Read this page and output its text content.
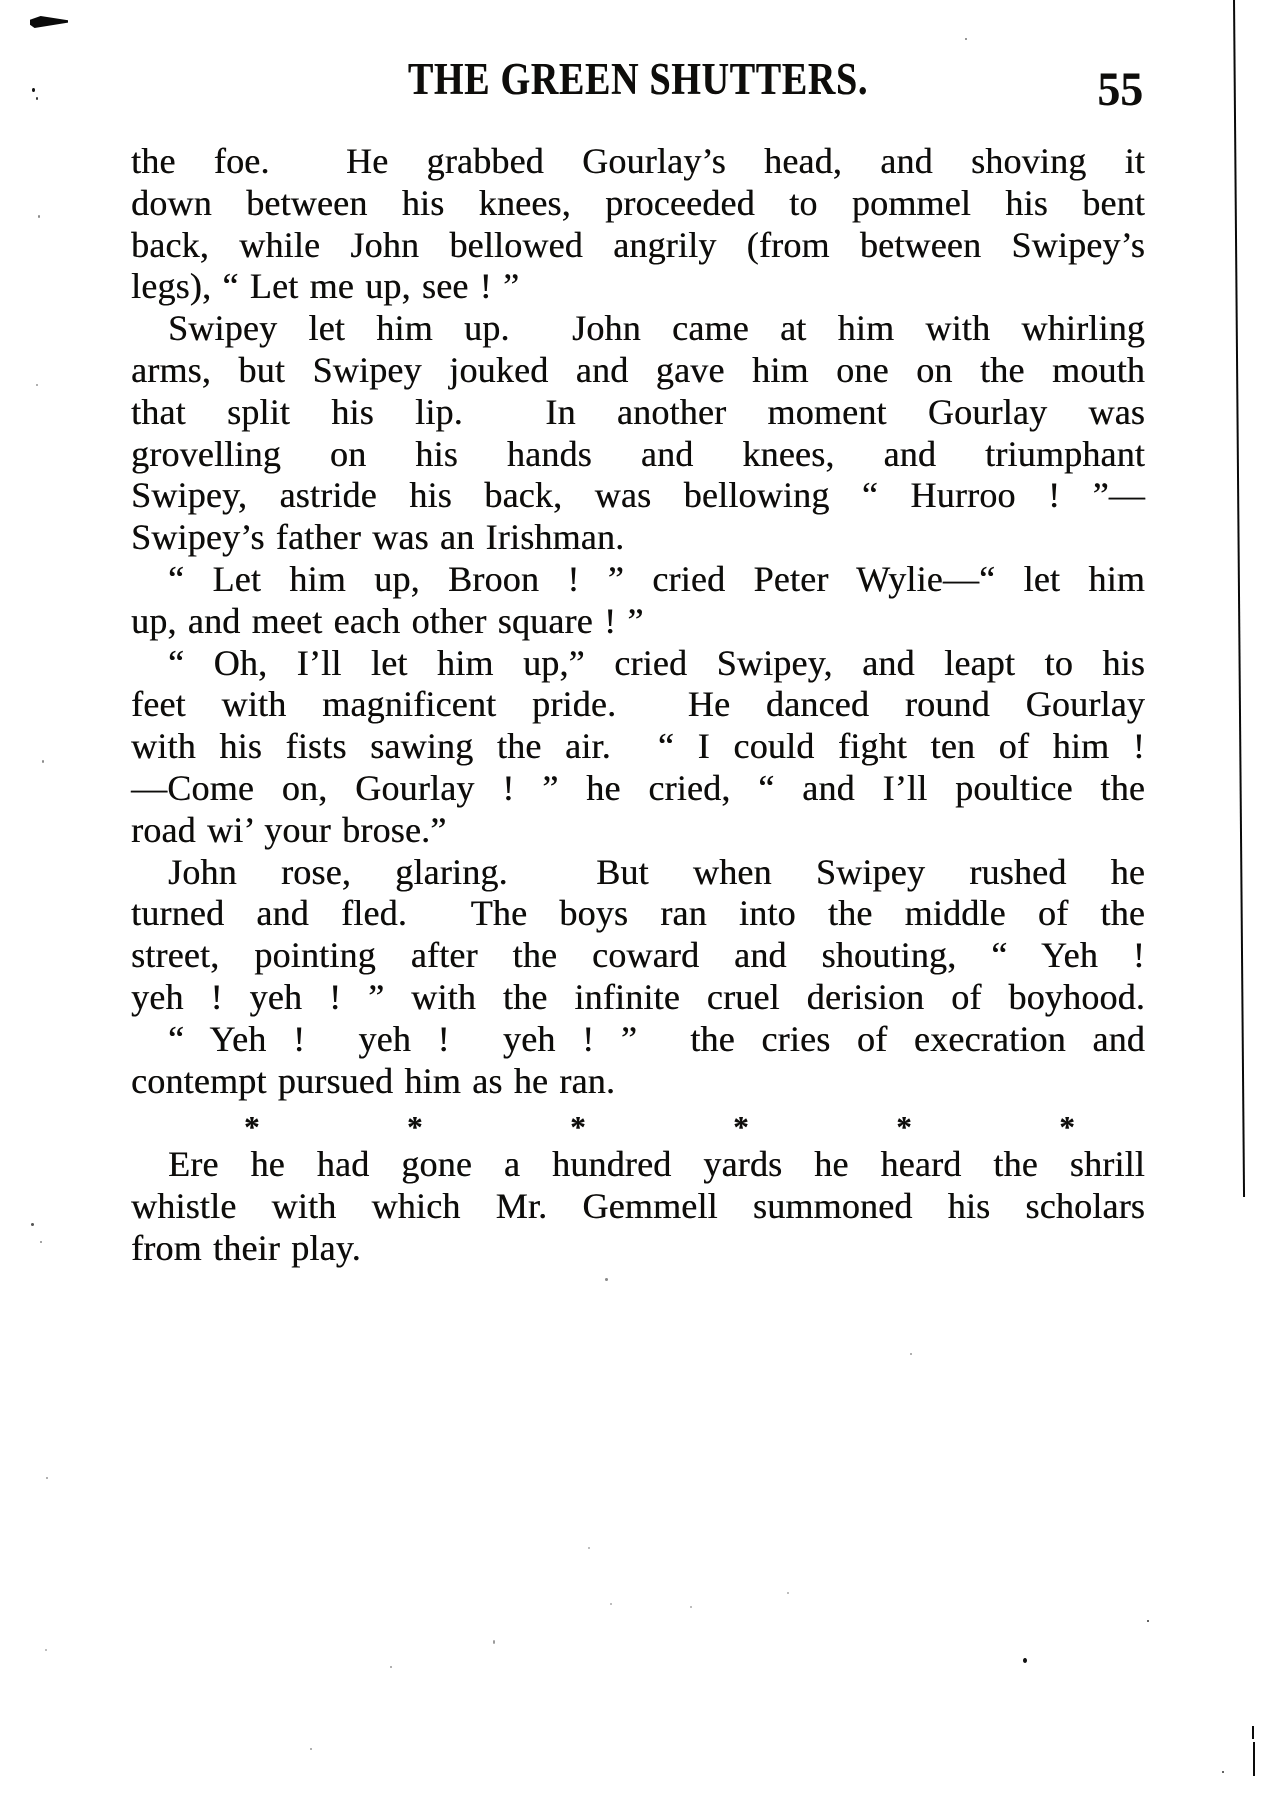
THE GREEN SHUTTERS.	55
the foe.  He grabbed Gourlay’s head, and shoving it
down between his knees, proceeded to pommel his bent
back, while John bellowed angrily (from between Swipey’s
legs), “ Let me up, see ! ”
Swipey let him up.  John came at him with whirling
arms, but Swipey jouked and gave him one on the mouth
that split his lip.  In another moment Gourlay was
grovelling on his hands and knees, and triumphant
Swipey, astride his back, was bellowing “ Hurroo ! ”—
Swipey’s father was an Irishman.
“ Let him up, Broon ! ” cried Peter Wylie—“ let him
up, and meet each other square ! ”
“ Oh, I’ll let him up,” cried Swipey, and leapt to his
feet with magnificent pride.  He danced round Gourlay
with his fists sawing the air.  “ I could fight ten of him !
—Come on, Gourlay ! ” he cried, “ and I’ll poultice the
road wi’ your brose.”
John rose, glaring.  But when Swipey rushed he
turned and fled.  The boys ran into the middle of the
street, pointing after the coward and shouting, “ Yeh !
yeh ! yeh ! ” with the infinite cruel derision of boyhood.
“ Yeh !  yeh !  yeh ! ”  the cries of execration and
contempt pursued him as he ran.
*	*	*	*	*	*
Ere he had gone a hundred yards he heard the shrill
whistle with which Mr. Gemmell summoned his scholars
from their play.
